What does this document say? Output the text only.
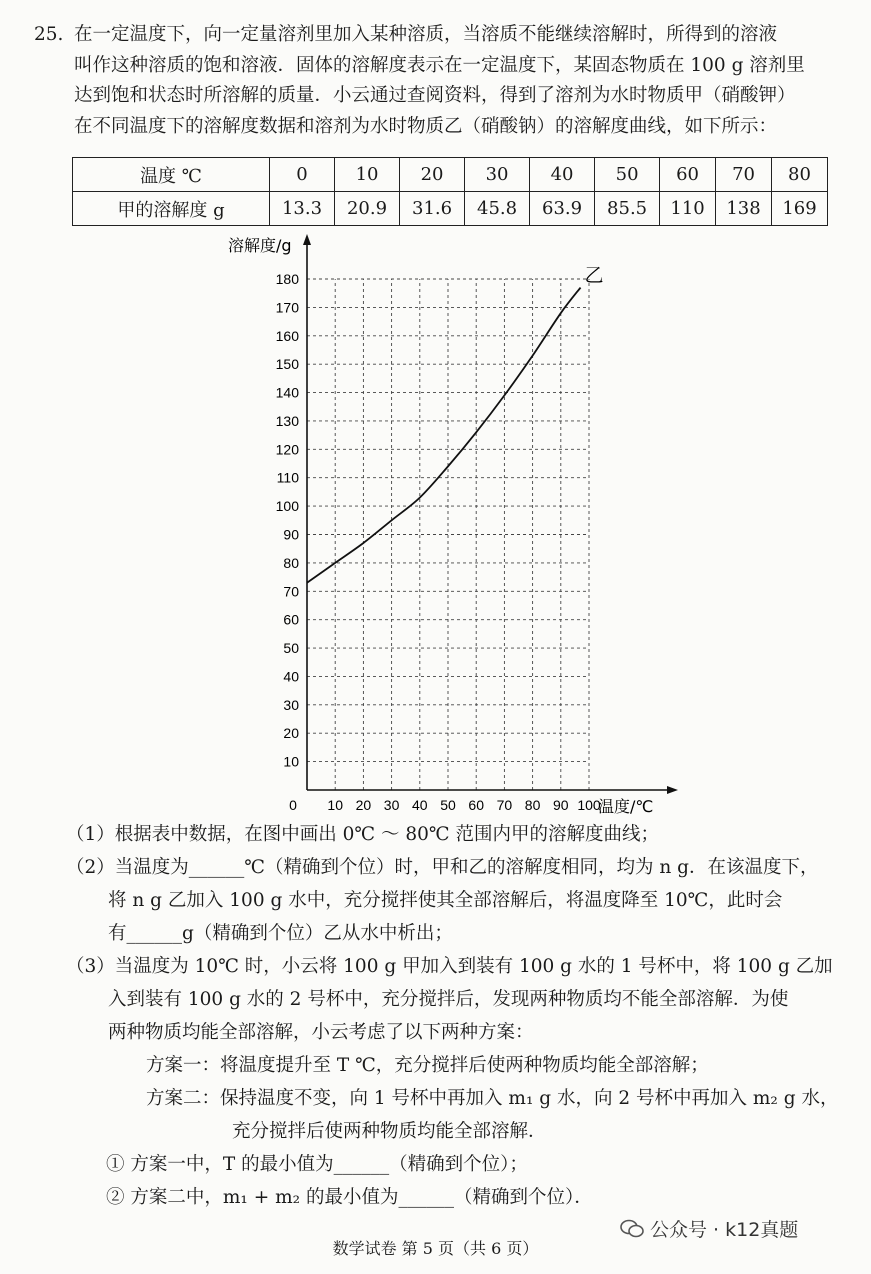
25. 在一定温度下，向一定量溶剂里加入某种溶质，当溶质不能继续溶解时，所得到的溶液

叫作这种溶质的饱和溶液．固体的溶解度表示在一定温度下，某固态物质在 100 g 溶剂里

达到饱和状态时所溶解的质量．小云通过查阅资料，得到了溶剂为水时物质甲（硝酸钾）

在不同温度下的溶解度数据和溶剂为水时物质乙（硝酸钠）的溶解度曲线，如下所示：

温度 ℃	0	10	20	30	40	50	60	70	80
甲的溶解度 g	13.3	20.9	31.6	45.8	63.9	85.5	110	138	169
10
20
30
40
50
60
70
80
90
100
110
120
130
140
150
160
170
180
10 20 30 40 50 60 70 80 90 100
0
溶解度/g
温度/℃
乙
（1）根据表中数据，在图中画出 0℃ ～ 80℃ 范围内甲的溶解度曲线；
（2）当温度为______℃（精确到个位）时，甲和乙的溶解度相同，均为 n g．在该温度下，
将 n g 乙加入 100 g 水中，充分搅拌使其全部溶解后，将温度降至 10℃，此时会
有______g（精确到个位）乙从水中析出；
（3）当温度为 10℃ 时，小云将 100 g 甲加入到装有 100 g 水的 1 号杯中，将 100 g 乙加
入到装有 100 g 水的 2 号杯中，充分搅拌后，发现两种物质均不能全部溶解．为使
两种物质均能全部溶解，小云考虑了以下两种方案：
方案一：将温度提升至 T ℃，充分搅拌后使两种物质均能全部溶解；
方案二：保持温度不变，向 1 号杯中再加入 m₁ g 水，向 2 号杯中再加入 m₂ g 水，
充分搅拌后使两种物质均能全部溶解．
① 方案一中，T 的最小值为______（精确到个位）；
② 方案二中，m₁ + m₂ 的最小值为______（精确到个位）．
公众号 · k12真题
数学试卷 第 5 页（共 6 页）
